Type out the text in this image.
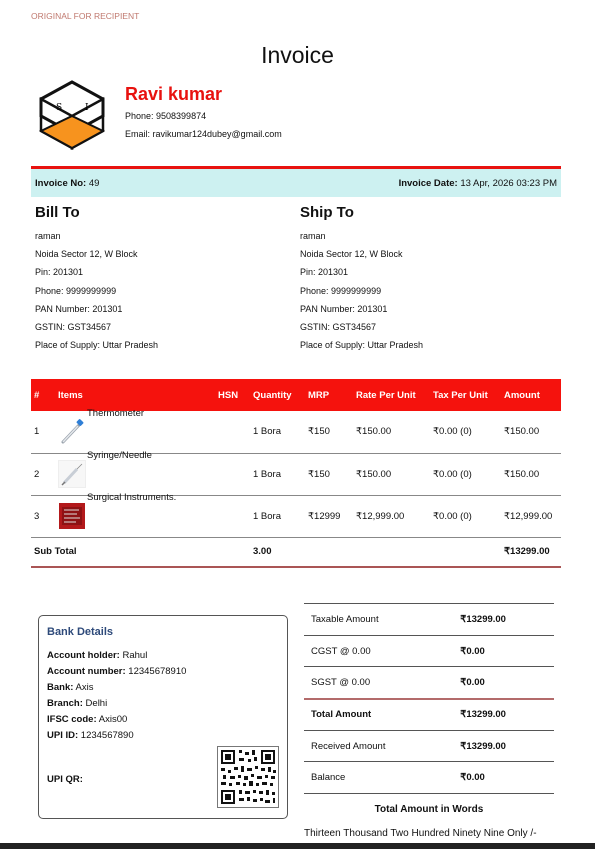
ORIGINAL FOR RECIPIENT
Invoice
S	I
Ravi kumar
Phone: 9508399874
Email: ravikumar124dubey@gmail.com
Invoice No: 49	Invoice Date: 13 Apr, 2026 03:23 PM
Bill To
raman
Noida Sector 12, W Block
Pin: 201301
Phone: 9999999999
PAN Number: 201301
GSTIN: GST34567
Place of Supply: Uttar Pradesh
Ship To
raman
Noida Sector 12, W Block
Pin: 201301
Phone: 9999999999
PAN Number: 201301
GSTIN: GST34567
Place of Supply: Uttar Pradesh
#	Items	HSN	Quantity	MRP	Rate Per Unit	Tax Per Unit	Amount
1	Thermometer		1 Bora	₹150	₹150.00	₹0.00 (0)	₹150.00
2	Syringe/Needle		1 Bora	₹150	₹150.00	₹0.00 (0)	₹150.00
3	Surgical Instruments.		1 Bora	₹12999	₹12,999.00	₹0.00 (0)	₹12,999.00
Sub Total			3.00				₹13299.00
Bank Details
Account holder: Rahul
Account number: 12345678910
Bank: Axis
Branch: Delhi
IFSC code: Axis00
UPI ID: 1234567890
UPI QR:
Taxable Amount	₹13299.00
CGST @ 0.00	₹0.00
SGST @ 0.00	₹0.00
Total Amount	₹13299.00
Received Amount	₹13299.00
Balance	₹0.00
Total Amount in Words
Thirteen Thousand Two Hundred Ninety Nine Only /-
